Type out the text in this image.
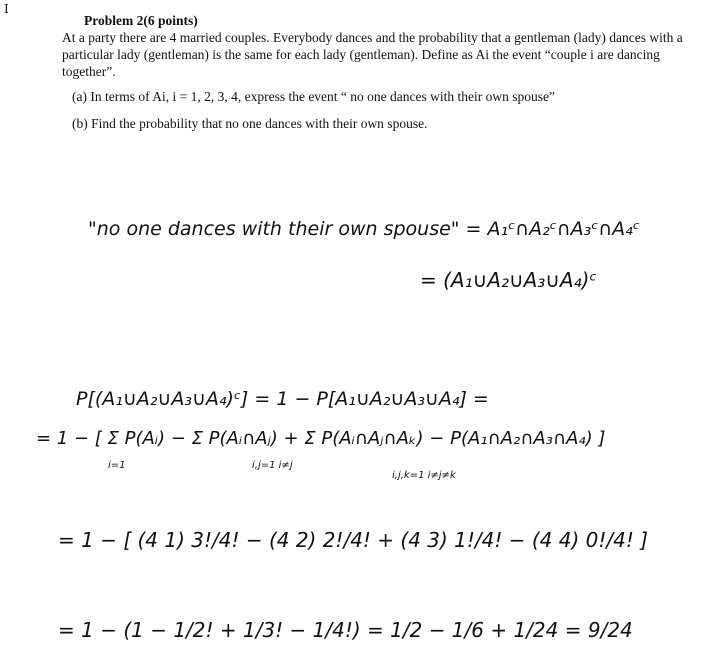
I
Problem 2(6 points)

At a party there are 4 married couples. Everybody dances and the probability that a gentleman (lady) dances with a particular lady (gentleman) is the same for each lady (gentleman). Define as Ai the event “couple i are dancing together”.

(a) In terms of Ai, i = 1, 2, 3, 4, express the event “ no one dances with their own spouse”

(b) Find the probability that no one dances with their own spouse.

"no one dances with their own spouse" = A₁ᶜ∩A₂ᶜ∩A₃ᶜ∩A₄ᶜ
= (A₁∪A₂∪A₃∪A₄)ᶜ
P[(A₁∪A₂∪A₃∪A₄)ᶜ] = 1 − P[A₁∪A₂∪A₃∪A₄] =
= 1 − [ Σ P(Aᵢ) − Σ P(Aᵢ∩Aⱼ) + Σ P(Aᵢ∩Aⱼ∩Aₖ) − P(A₁∩A₂∩A₃∩A₄) ]
i=1	i,j=1 i≠j
i,j,k=1 i≠j≠k
= 1 − [ (4 1) 3!/4! − (4 2) 2!/4! + (4 3) 1!/4! − (4 4) 0!/4! ]
= 1 − (1 − 1/2! + 1/3! − 1/4!) = 1/2 − 1/6 + 1/24 = 9/24
